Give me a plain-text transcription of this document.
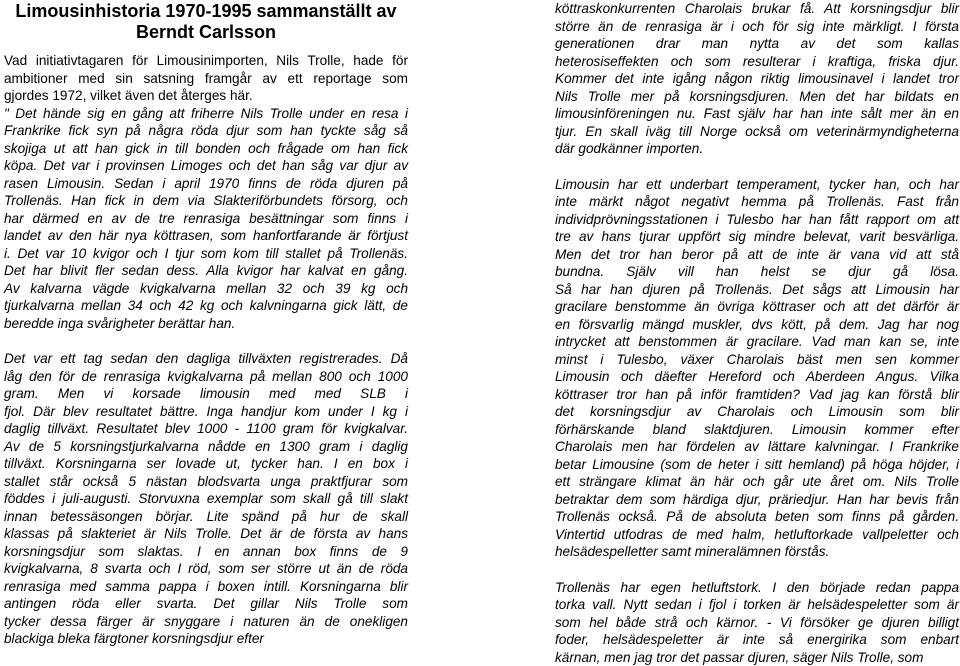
Limousinhistoria 1970-1995 sammanställt av
Berndt Carlsson
Vad initiativtagaren för Limousinimporten, Nils Trolle, hade för
ambitioner med sin satsning framgår av ett reportage som
gjordes 1972, vilket även det återges här.
" Det hände sig en gång att friherre Nils Trolle under en resa i
Frankrike fick syn på några röda djur som han tyckte såg så
skojiga ut att han gick in till bonden och frågade om han fick
köpa. Det var i provinsen Limoges och det han såg var djur av
rasen Limousin. Sedan i april 1970 finns de röda djuren på
Trollenäs. Han fick in dem via Slakteriförbundets försorg, och
har därmed en av de tre renrasiga besättningar som finns i
landet av den här nya köttrasen, som hanfortfarande är förtjust
i. Det var 10 kvigor och I tjur som kom till stallet på Trollenäs.
Det har blivit fler sedan dess. Alla kvigor har kalvat en gång.
Av kalvarna vägde kvigkalvarna mellan 32 och 39 kg och
tjurkalvarna mellan 34 och 42 kg och kalvningarna gick lätt, de
beredde inga svårigheter berättar han.
Det var ett tag sedan den dagliga tillväxten registrerades. Då
låg den för de renrasiga kvigkalvarna på mellan 800 och 1000
gram. Men vi korsade limousin med med SLB i
fjol. Där blev resultatet bättre. Inga handjur kom under I kg i
daglig tillväxt. Resultatet blev 1000 - 1100 gram för kvigkalvar.
Av de 5 korsningstjurkalvarna nådde en 1300 gram i daglig
tillväxt. Korsningarna ser lovade ut, tycker han. I en box i
stallet står också 5 nästan blodsvarta unga praktfjurar som
föddes i juli-augusti. Storvuxna exemplar som skall gå till slakt
innan betessäsongen börjar. Lite spänd på hur de skall
klassas på slakteriet är Nils Trolle. Det är de första av hans
korsningsdjur som slaktas. I en annan box finns de 9
kvigkalvarna, 8 svarta och I röd, som ser större ut än de röda
renrasiga med samma pappa i boxen intill. Korsningarna blir
antingen röda eller svarta. Det gillar Nils Trolle som
tycker dessa färger är snyggare i naturen än de onekligen
blackiga bleka färgtoner korsningsdjur efter
köttraskonkurrenten Charolais brukar få. Att korsningsdjur blir
större än de renrasiga är i och för sig inte märkligt. I första
generationen drar man nytta av det som kallas
heterosiseffekten och som resulterar i kraftiga, friska djur.
Kommer det inte igång någon riktig limousinavel i landet tror
Nils Trolle mer på korsningsdjuren. Men det har bildats en
limousinföreningen nu. Fast själv har han inte sålt mer än en
tjur. En skall iväg till Norge också om veterinärmyndigheterna
där godkänner importen.
Limousin har ett underbart temperament, tycker han, och har
inte märkt något negativt hemma på Trollenäs. Fast från
individprövningsstationen i Tulesbo har han fått rapport om att
tre av hans tjurar uppfört sig mindre belevat, varit besvärliga.
Men det tror han beror på att de inte är vana vid att stå
bundna. Själv vill han helst se djur gå lösa.
Så har han djuren på Trollenäs. Det sågs att Limousin har
gracilare benstomme än övriga köttraser och att det därför är
en försvarlig mängd muskler, dvs kött, på dem. Jag har nog
intrycket att benstommen är gracilare. Vad man kan se, inte
minst i Tulesbo, växer Charolais bäst men sen kommer
Limousin och däefter Hereford och Aberdeen Angus. Vilka
köttraser tror han på inför framtiden? Vad jag kan förstå blir
det korsningsdjur av Charolais och Limousin som blir
förhärskande bland slaktdjuren. Limousin kommer efter
Charolais men har fördelen av lättare kalvningar. I Frankrike
betar Limousine (som de heter i sitt hemland) på höga höjder, i
ett strängare klimat än här och går ute året om. Nils Trolle
betraktar dem som härdiga djur, präriedjur. Han har bevis från
Trollenäs också. På de absoluta beten som finns på gården.
Vintertid utfodras de med halm, hetluftorkade vallpeletter och
helsädespelletter samt mineralämnen förstås.
Trollenäs har egen hetluftstork. I den började redan pappa
torka vall. Nytt sedan i fjol i torken är helsädespeletter som är
som hel både strå och kärnor. - Vi försöker ge djuren billigt
foder, helsädespeletter är inte så energirika som enbart
kärnan, men jag tror det passar djuren, säger Nils Trolle, som
